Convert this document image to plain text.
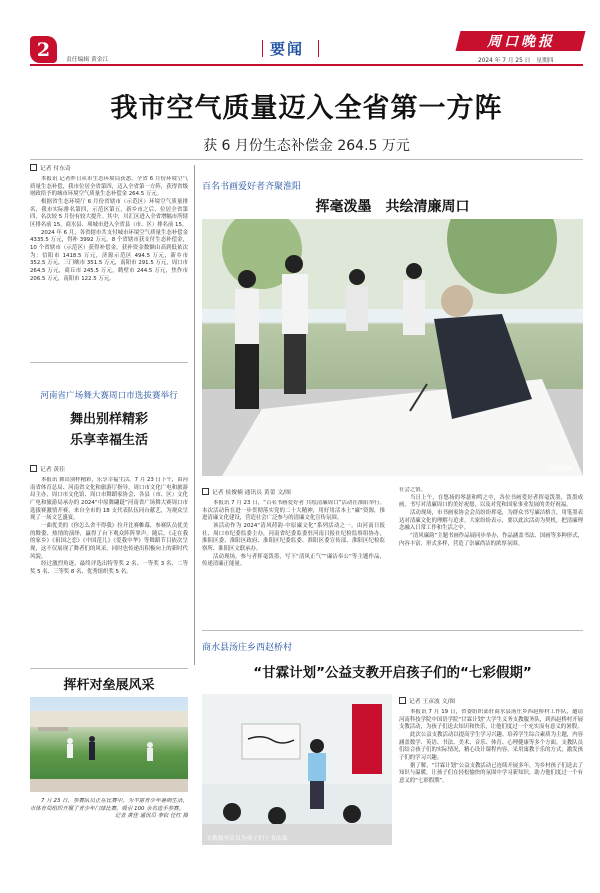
2	责任编辑 黄金江
要闻	周口晚报
2024 年 7 月 25 日　星期四
我市空气质量迈入全省第一方阵
获 6 月份生态补偿金 264.5 万元
记者 付东奇

本报讯 记者昨日从市生态环境局获悉，全省 6 月份环境空气质量生态补偿，我市位居全省第四，迈入全省第一方阵，获得省级财政给予的城市环境空气质量生态补偿金 264.5 万元。

根据省生态环境厅 6 月份省辖市（示范区）环境空气质量排名，我市实际排名第四，示范区第五，新乡市之后，位居全省第四，名次较 5 月份有较大提升。其中，川汇区进入全省增幅市所辖区排名前 15，商水县、项城市进入全省县（市、区）排名前 15。

2024 年 6 月，各省辖市共支付城市环境空气质量生态补偿金 4335.5 万元，得补 3992 万元。8 个省辖市获支付生态补偿金，10 个省辖市（示范区）获得补偿金。获补资金数额由高到低依次为：信阳市 1418.5 万元，济源示范区 494.5 万元，新乡市 352.5 万元，三门峡市 351.5 万元，南阳市 291.5 万元，周口市 264.5 万元，商丘市 245.5 万元，鹤壁市 244.5 万元，焦作市 206.5 万元，南阳市 122.5 万元。

河南省广场舞大赛周口市选拔赛举行
舞出别样精彩
乐享幸福生活
记者 黄佳

本报讯 舞出别样精彩，乐享幸福生活。7 月 23 日下午，由河南省体育总局、河南省文化和旅游厅指导，周口市文化广电和旅游局主办，周口市文化馆、周口市舞蹈家协会、各县（市、区）文化广电和旅游局承办的 2024“中原舞翩跹”河南省广场舞大赛周口市选拔赛激情开赛，来自全市的 18 支代表队伍同台献艺，为观众呈现了一场文艺盛宴。

一曲优美的《你怎么舍不得我》拉开比赛帷幕，参赛队员优美的舞姿、热情的演绎，赢得了台下观众阵阵掌声。随后，《走在我的家乡》《祖国之恋》《中国范儿》《爱我中华》等舞蹈节目依次呈现，这不仅展现了舞者们的风采，同时也传递出积极向上的新时代风貌。

经过激烈角逐，最终评选出特等奖 2 名、一等奖 3 名、二等奖 5 名、三等奖 8 名、优秀组织奖 5 名。

挥杆对垒展风采

7 月 23 日，参赛队员正在比赛中。为丰富青少年暑期生活，市体育局组织开展了青少年门球比赛，吸引 100 余名选手参赛。

记者 黄佳 通讯员 李钦 任红 摄

百名书画爱好者齐聚淮阳
挥毫泼墨　共绘清廉周口
活动现场。
记者 侯俊楠 通讯员 黄蕾 文/图

本报讯 7 月 23 日，“百名书画爱好者 共绘清廉周口”活动在淮阳举行。本次活动旨在进一步贯彻落实党的二十大精神，用好用活本土“廉”资源，推进清廉文化建设，营造社会广泛参与的清廉文化宣传氛围。

该活动作为 2024“清风荷韵·中原廉文化”系列活动之一，由河南日报社、周口市纪委监委主办，河南省纪委监委驻河南日报社纪检监察组协办，淮阳区委、淮阳区政府、淮阳区纪委监委、淮阳区委宣传部、淮阳区纪检监察所、淮阳区文联承办。

活动现场，参与者挥毫泼墨，写下“清风正气”“廉洁奉公”等主题作品，传递清廉正能量。

社会之情。

当日上午，在悠扬的琴瑟和鸣之中，各位书画爱好者挥毫泼墨，泼墨成画，书写对清廉周口的美好祝愿，以及对党和国家事业发展的美好祝福。

活动现场，市书画家协会会员纷纷挥毫，为群众书写廉洁格言，用笔墨表达对清廉文化的理解与追求。大家纷纷表示，要以此次活动为契机，把清廉理念融入日常工作和生活之中。

“清风廉韵”主题书画作品展同步举办，作品涵盖书法、国画等多种形式，内容丰富，形式多样，营造了崇廉尚洁的浓厚氛围。

商水县汤庄乡西赵桥村
“甘霖计划”公益支教开启孩子们的“七彩假期”
支教服务队员为孩子们上书法课。
记者 王彦波 文/图

本报讯 7 月 19 日，省委组织部驻商水县汤庄乡西赵桥村工作队，邀请河南科技学院中国语学院“甘霖计划”大学生义务支教服务队，到西赵桥村开展支教活动，为孩子们送去知识和快乐，让他们度过一个充实而有意义的暑假。

此次公益支教活动以提高学生学习兴趣、培养学生综合素质为主题，内容涵盖数学、英语、书法、美术、音乐、体育、心理健康等多个方面。支教队员们结合孩子们的实际情况，精心设计课程内容，采用寓教于乐的方式，激发孩子们的学习兴趣。

据了解，“甘霖计划”公益支教活动已连续开展多年，为乡村孩子们送去了知识与温暖，让孩子们在轻松愉快的氛围中学习新知识，助力他们度过一个有意义的“七彩假期”。
